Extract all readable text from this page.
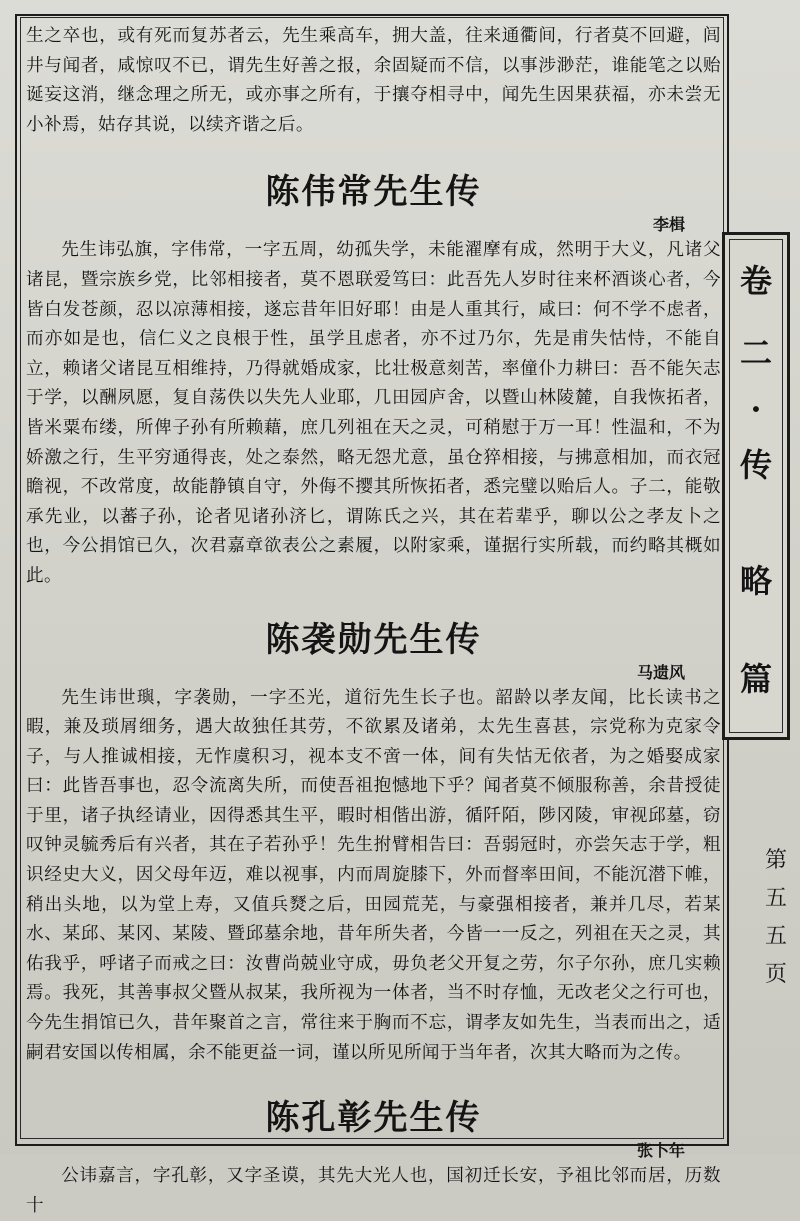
生之卒也，或有死而复苏者云，先生乘高车，拥大盖，往来通衢间，行者莫不回避，闾井与闻者，咸惊叹不已，谓先生好善之报，余固疑而不信，以事涉渺茫，谁能笔之以贻诞妄这消，继念理之所无，或亦事之所有，于攘夺相寻中，闻先生因果获福，亦未尝无小补焉，姑存其说，以续齐谐之后。

陈伟常先生传

李楫

先生讳弘旗，字伟常，一字五周，幼孤失学，未能濯摩有成，然明于大义，凡诸父诸昆，暨宗族乡党，比邻相接者，莫不恩联爱笃曰：此吾先人岁时往来杯酒谈心者，今皆白发苍颜，忍以凉薄相接，遂忘昔年旧好耶！由是人重其行，咸曰：何不学不虑者，而亦如是也，信仁义之良根于性，虽学且虑者，亦不过乃尔，先是甫失怙恃，不能自立，赖诸父诸昆互相维持，乃得就婚成家，比壮极意刻苦，率僮仆力耕曰：吾不能矢志于学，以酬夙愿，复自荡佚以失先人业耶，几田园庐舍，以暨山林陵麓，自我恢拓者，皆米粟布缕，所俾子孙有所赖藉，庶几列祖在天之灵，可稍慰于万一耳！性温和，不为娇激之行，生平穷通得丧，处之泰然，略无怨尤意，虽仓猝相接，与拂意相加，而衣冠瞻视，不改常度，故能静镇自守，外侮不撄其所恢拓者，悉完璧以贻后人。子二，能敬承先业，以蕃子孙，论者见诸孙济匕，谓陈氏之兴，其在若辈乎，聊以公之孝友卜之也，今公捐馆已久，次君嘉章欲表公之素履，以附家乘，谨据行实所载，而约略其概如此。

陈袭勋先生传

马遗风

先生讳世璵，字袭勋，一字丕光，道衍先生长子也。韶龄以孝友闻，比长读书之暇，兼及琐屑细务，遇大故独任其劳，不欲累及诸弟，太先生喜甚，宗党称为克家令子，与人推诚相接，无怍虞积习，视本支不啻一体，间有失怙无依者，为之婚娶成家曰：此皆吾事也，忍令流离失所，而使吾祖抱憾地下乎？闻者莫不倾服称善，余昔授徒于里，诸子执经请业，因得悉其生平，暇时相偕出游，循阡陌，陟冈陵，审视邱墓，窃叹钟灵毓秀后有兴者，其在子若孙乎！先生拊臂相告曰：吾弱冠时，亦尝矢志于学，粗识经史大义，因父母年迈，难以视事，内而周旋膝下，外而督率田间，不能沉潜下帷，稍出头地，以为堂上寿，又值兵燹之后，田园荒芜，与豪强相接者，兼并几尽，若某水、某邱、某冈、某陵、暨邱墓余地，昔年所失者，今皆一一反之，列祖在天之灵，其佑我乎，呼诸子而戒之曰：汝曹尚兢业守成，毋负老父开复之劳，尔子尔孙，庶几实赖焉。我死，其善事叔父暨从叔某，我所视为一体者，当不时存恤，无改老父之行可也，今先生捐馆已久，昔年聚首之言，常往来于胸而不忘，谓孝友如先生，当表而出之，适嗣君安国以传相属，余不能更益一词，谨以所见所闻于当年者，次其大略而为之传。

陈孔彰先生传

张卜年

公讳嘉言，字孔彰，又字圣谟，其先大光人也，国初迁长安，予祖比邻而居，历数十

卷
二
·
传
略
篇
第
五
五
页
